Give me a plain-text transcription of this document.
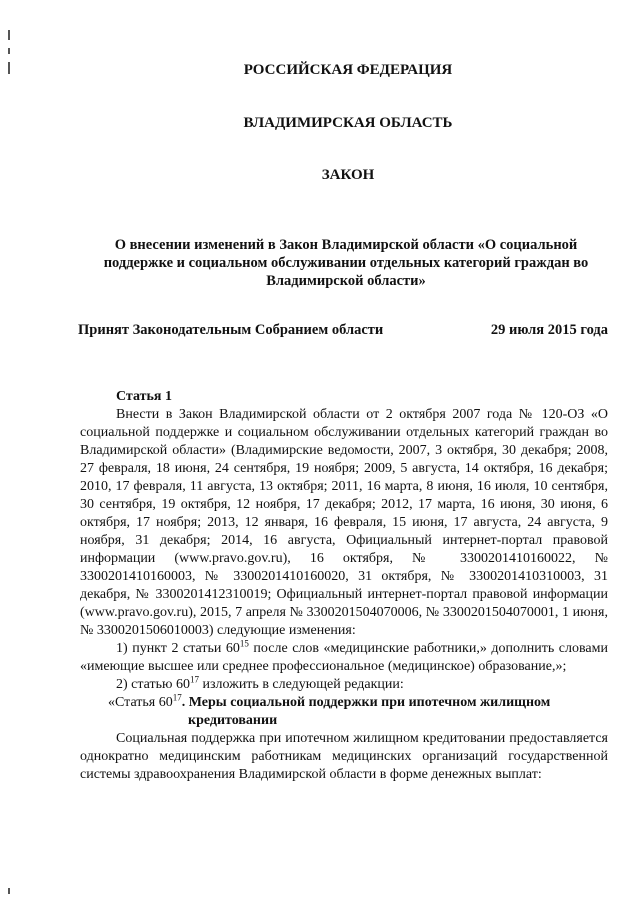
РОССИЙСКАЯ ФЕДЕРАЦИЯ
ВЛАДИМИРСКАЯ ОБЛАСТЬ
ЗАКОН
О внесении изменений в Закон Владимирской области «О социальной поддержке и социальном обслуживании отдельных категорий граждан во Владимирской области»
Принят Законодательным Собранием области	29 июля 2015 года
Статья 1

Внести в Закон Владимирской области от 2 октября 2007 года № 120-ОЗ «О социальной поддержке и социальном обслуживании отдельных категорий граждан во Владимирской области» (Владимирские ведомости, 2007, 3 октября, 30 декабря; 2008, 27 февраля, 18 июня, 24 сентября, 19 ноября; 2009, 5 августа, 14 октября, 16 декабря; 2010, 17 февраля, 11 августа, 13 октября; 2011, 16 марта, 8 июня, 16 июля, 10 сентября, 30 сентября, 19 октября, 12 ноября, 17 декабря; 2012, 17 марта, 16 июня, 30 июня, 6 октября, 17 ноября; 2013, 12 января, 16 февраля, 15 июня, 17 августа, 24 августа, 9 ноября, 31 декабря; 2014, 16 августа, Официальный интернет-портал правовой информации (www.pravo.gov.ru), 16 октября, № 3300201410160022, № 3300201410160003, № 3300201410160020, 31 октября, № 3300201410310003, 31 декабря, № 3300201412310019; Официальный интернет-портал правовой информации (www.pravo.gov.ru), 2015, 7 апреля № 3300201504070006, № 3300201504070001, 1 июня, № 3300201506010003) следующие изменения:

1) пункт 2 статьи $60^{15}$ после слов «медицинские работники,» дополнить словами «имеющие высшее или среднее профессиональное (медицинское) образование,»;

2) статью $60^{17}$ изложить в следующей редакции:

«Статья $60^{17}$. Меры социальной поддержки при ипотечном жилищном

кредитовании

Социальная поддержка при ипотечном жилищном кредитовании предоставляется однократно медицинским работникам медицинских организаций государственной системы здравоохранения Владимирской области в форме денежных выплат:
